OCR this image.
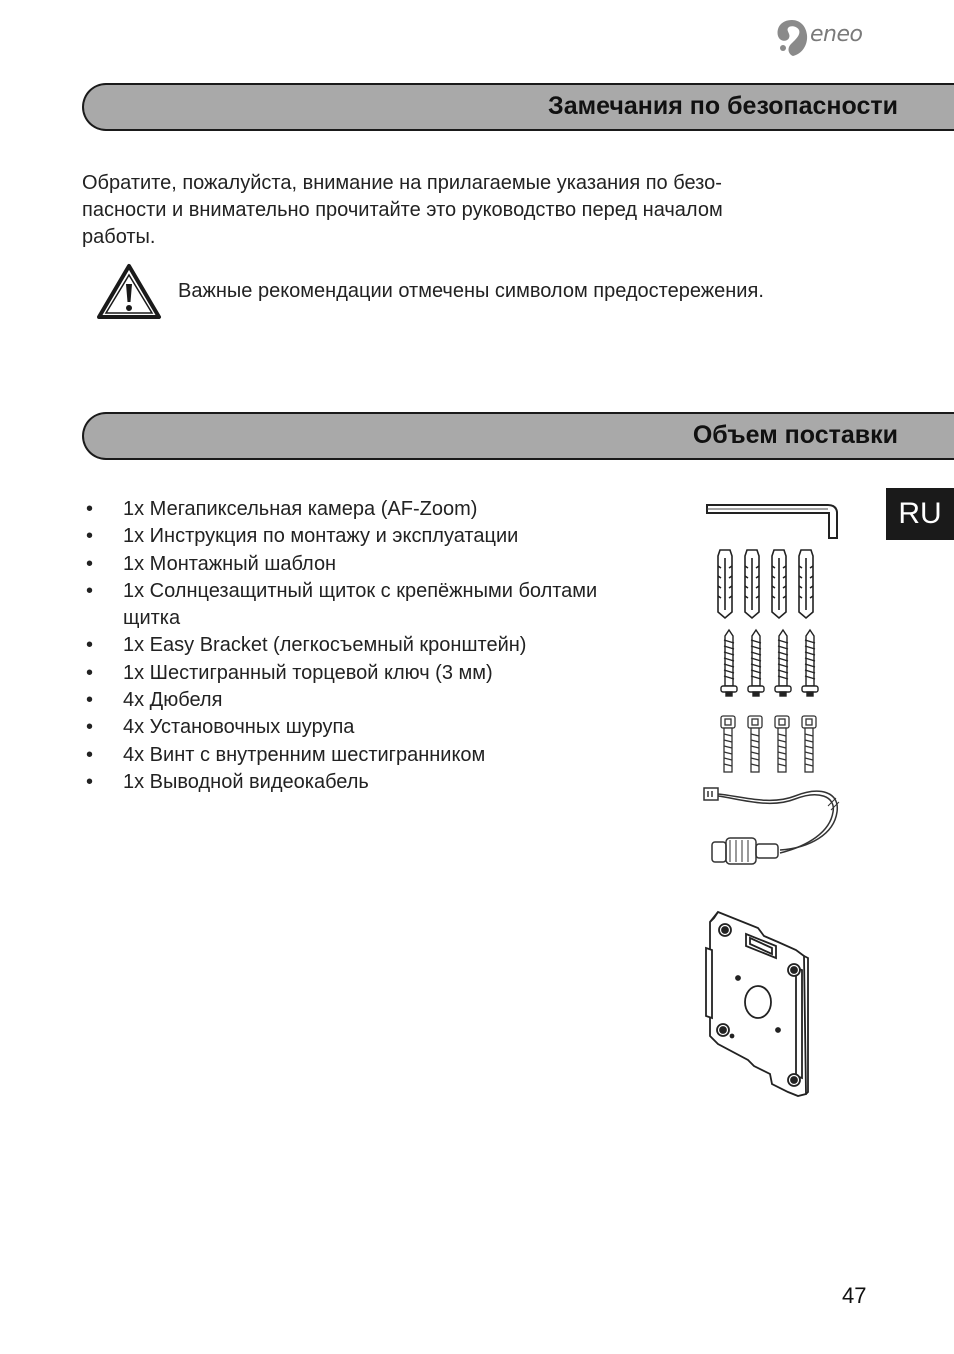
eneo
Замечания по безопасности

Обратите, пожалуйста, внимание на прилагаемые указания по безо-
пасности и внимательно прочитайте это руководство перед началом
работы.

Важные рекомендации отмечены символом предостережения.
Объем поставки
• 1x Мегапиксельная камера (AF-Zoom)
• 1x Инструкция по монтажу и эксплуатации
• 1x Монтажный шаблон
• 1x Солнцезащитный щиток с крепёжными болтами щитка
• 1x Easy Bracket (легкосъемный кронштейн)
• 1x Шестигранный торцевой ключ (3 мм)
• 4x Дюбеля
• 4x Установочных шурупа
• 4x Винт с внутренним шестигранником
• 1x Выводной видеокабель
RU
47
